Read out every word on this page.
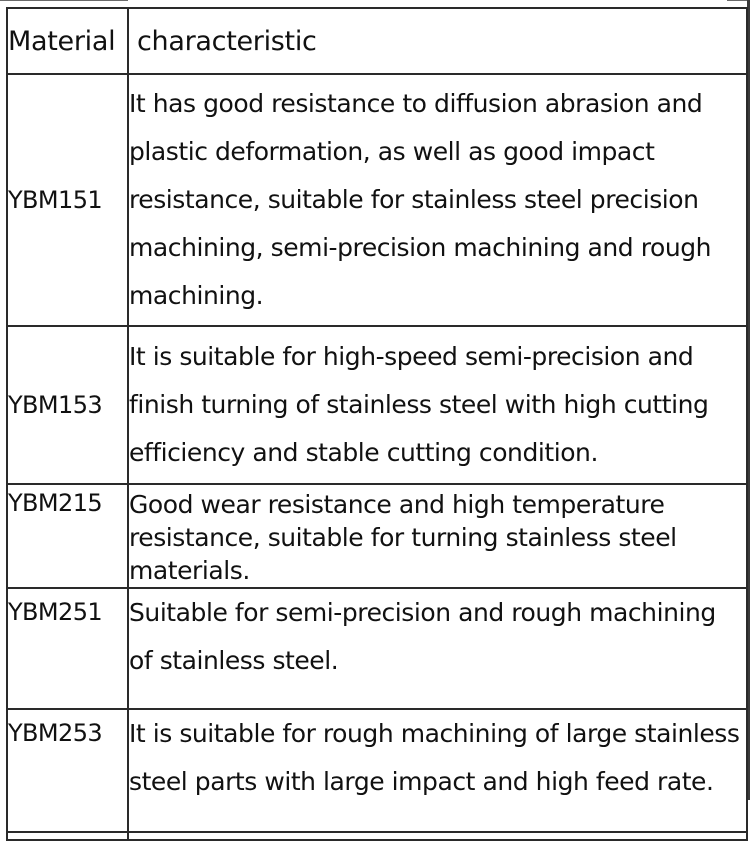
Material	characteristic
YBM151	It has good resistance to diffusion abrasion and plastic deformation, as well as good impact resistance, suitable for stainless steel precision machining, semi-precision machining and rough machining.
YBM153	It is suitable for high-speed semi-precision and finish turning of stainless steel with high cutting efficiency and stable cutting condition.
YBM215	Good wear resistance and high temperature resistance, suitable for turning stainless steel materials.
YBM251	Suitable for semi-precision and rough machining of stainless steel.
YBM253	It is suitable for rough machining of large stainless steel parts with large impact and high feed rate.
